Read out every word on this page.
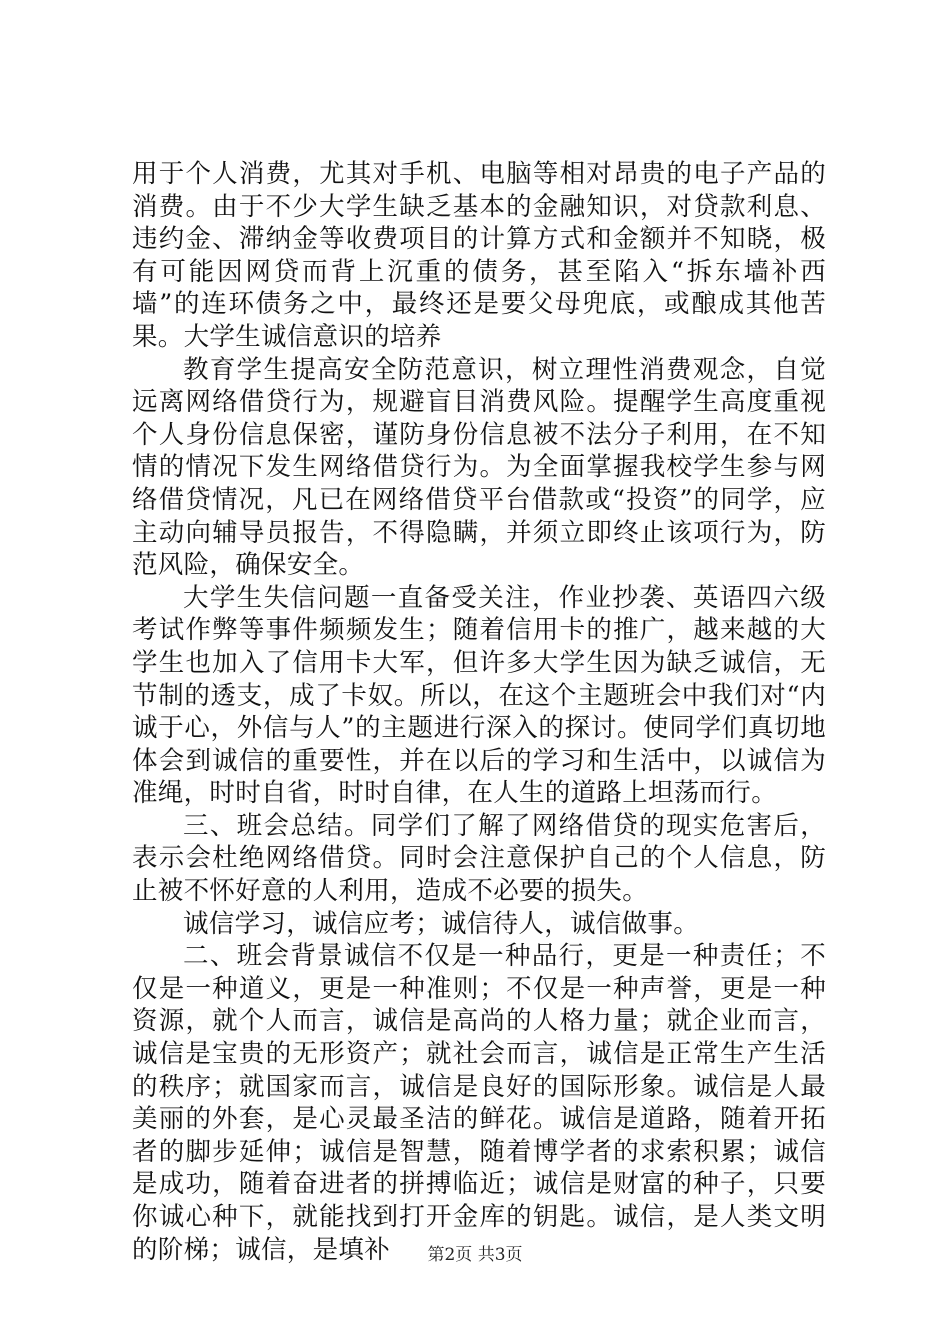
用于个人消费，尤其对手机、电脑等相对昂贵的电子产品的消费。由于不少大学生缺乏基本的金融知识，对贷款利息、违约金、滞纳金等收费项目的计算方式和金额并不知晓，极有可能因网贷而背上沉重的债务，甚至陷入“拆东墙补西墙”的连环债务之中，最终还是要父母兜底，或酿成其他苦果。大学生诚信意识的培养

教育学生提高安全防范意识，树立理性消费观念，自觉远离网络借贷行为，规避盲目消费风险。提醒学生高度重视个人身份信息保密，谨防身份信息被不法分子利用，在不知情的情况下发生网络借贷行为。为全面掌握我校学生参与网络借贷情况，凡已在网络借贷平台借款或“投资”的同学，应主动向辅导员报告，不得隐瞒，并须立即终止该项行为，防范风险，确保安全。

大学生失信问题一直备受关注，作业抄袭、英语四六级考试作弊等事件频频发生；随着信用卡的推广，越来越的大学生也加入了信用卡大军，但许多大学生因为缺乏诚信，无节制的透支，成了卡奴。所以，在这个主题班会中我们对“内诚于心，外信与人”的主题进行深入的探讨。使同学们真切地体会到诚信的重要性，并在以后的学习和生活中，以诚信为准绳，时时自省，时时自律，在人生的道路上坦荡而行。

三、班会总结。同学们了解了网络借贷的现实危害后，表示会杜绝网络借贷。同时会注意保护自己的个人信息，防止被不怀好意的人利用，造成不必要的损失。

诚信学习，诚信应考；诚信待人，诚信做事。

二、班会背景诚信不仅是一种品行，更是一种责任；不仅是一种道义，更是一种准则；不仅是一种声誉，更是一种资源，就个人而言，诚信是高尚的人格力量；就企业而言，诚信是宝贵的无形资产；就社会而言，诚信是正常生产生活的秩序；就国家而言，诚信是良好的国际形象。诚信是人最美丽的外套，是心灵最圣洁的鲜花。诚信是道路，随着开拓者的脚步延伸；诚信是智慧，随着博学者的求索积累；诚信是成功，随着奋进者的拼搏临近；诚信是财富的种子，只要你诚心种下，就能找到打开金库的钥匙。诚信，是人类文明的阶梯；诚信，是填补	第2页 共3页
